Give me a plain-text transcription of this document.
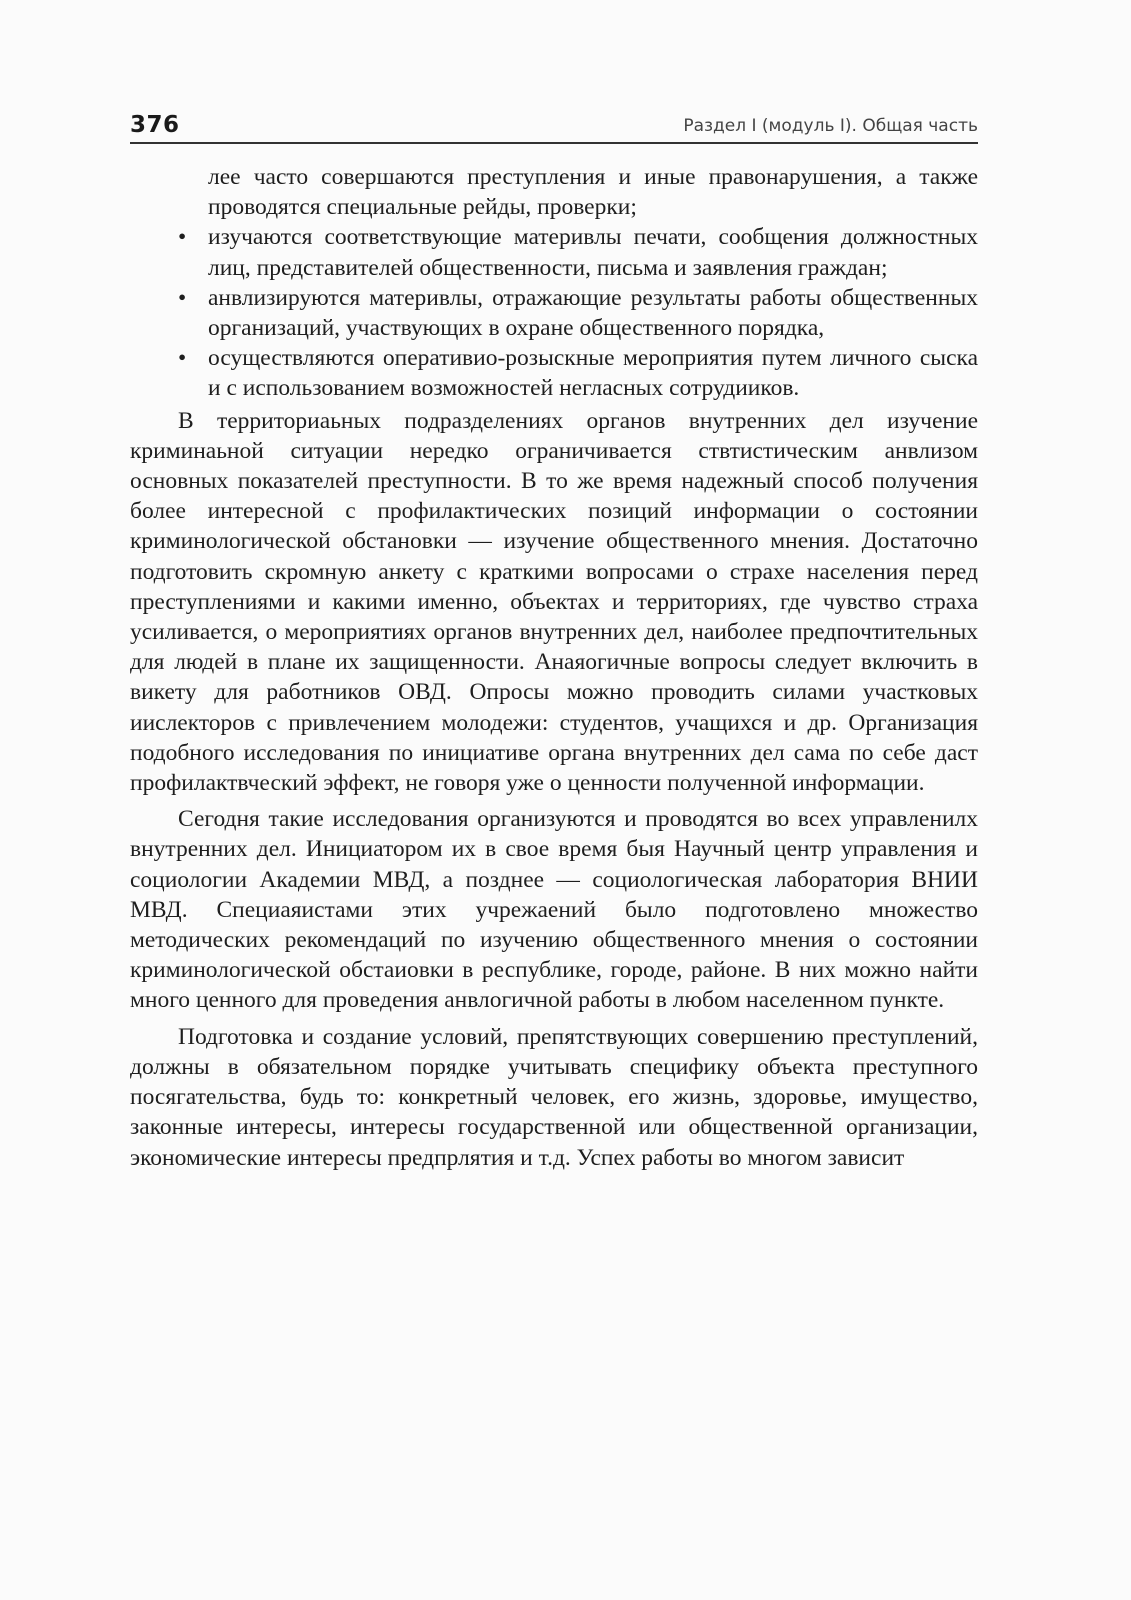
376	Раздел I (модуль I). Общая часть
лее часто совершаются преступления и иные правонарушения, а также проводятся специальные рейды, проверки;
• изучаются соответствующие материвлы печати, сообщения должностных лиц, представителей общественности, письма и заявления граждан;
• анвлизируются материвлы, отражающие результаты работы общественных организаций, участвующих в охране общественного порядка,
• осуществляются оперативио-розыскные мероприятия путем личного сыска и с использованием возможностей негласных сотрудииков.

В территориаьных подразделениях органов внутренних дел изучение криминаьной ситуации нередко ограничивается ствтистическим анвлизом основных показателей преступности. В то же время надежный способ получения более интересной с профилактических позиций информации о состоянии криминологической обстановки — изучение общественного мнения. Достаточно подготовить скромную анкету с краткими вопросами о страхе населения перед преступлениями и какими именно, объектах и территориях, где чувство страха усиливается, о мероприятиях органов внутренних дел, наиболее предпочтительных для людей в плане их защищенности. Анаяогичные вопросы следует включить в викету для работников ОВД. Опросы можно проводить силами участковых иислекторов с привлечением молодежи: студентов, учащихся и др. Организация подобного исследования по инициативе органа внутренних дел сама по себе даст профилактвческий эффект, не говоря уже о ценности полученной информации.

Сегодня такие исследования организуются и проводятся во всех управленилх внутренних дел. Инициатором их в свое время быя Научный центр управления и социологии Академии МВД, а позднее — социологическая лаборатория ВНИИ МВД. Специаяистами этих учрежаений было подготовлено множество методических рекомендаций по изучению общественного мнения о состоянии криминологической обстаиовки в республике, городе, районе. В них можно найти много ценного для проведения анвлогичной работы в любом населенном пункте.

Подготовка и создание условий, препятствующих совершению преступлений, должны в обязательном порядке учитывать специфику объекта преступного посягательства, будь то: конкретный человек, его жизнь, здоровье, имущество, законные интересы, интересы государственной или общественной организации, экономические интересы предпрлятия и т.д. Успех работы во многом зависит
